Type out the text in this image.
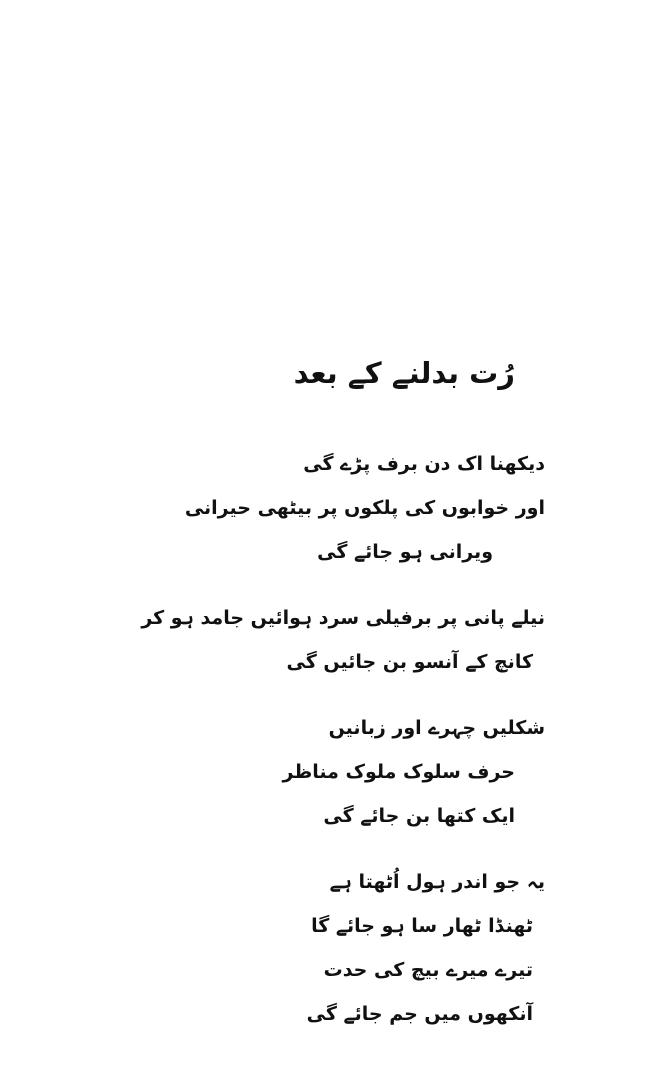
رُت بدلنے کے بعد
دیکھنا اک دن برف پڑے گی
اور خوابوں کی پلکوں پر بیٹھی حیرانی
ویرانی ہو جائے گی
نیلے پانی پر برفیلی سرد ہوائیں جامد ہو کر
کانچ کے آنسو بن جائیں گی
شکلیں چہرے اور زبانیں
حرف سلوک ملوک مناظر
ایک کتھا بن جائے گی
یہ جو اندر ہول اُٹھتا ہے
ٹھنڈا ٹھار سا ہو جائے گا
تیرے میرے بیچ کی حدت
آنکھوں میں جم جائے گی
